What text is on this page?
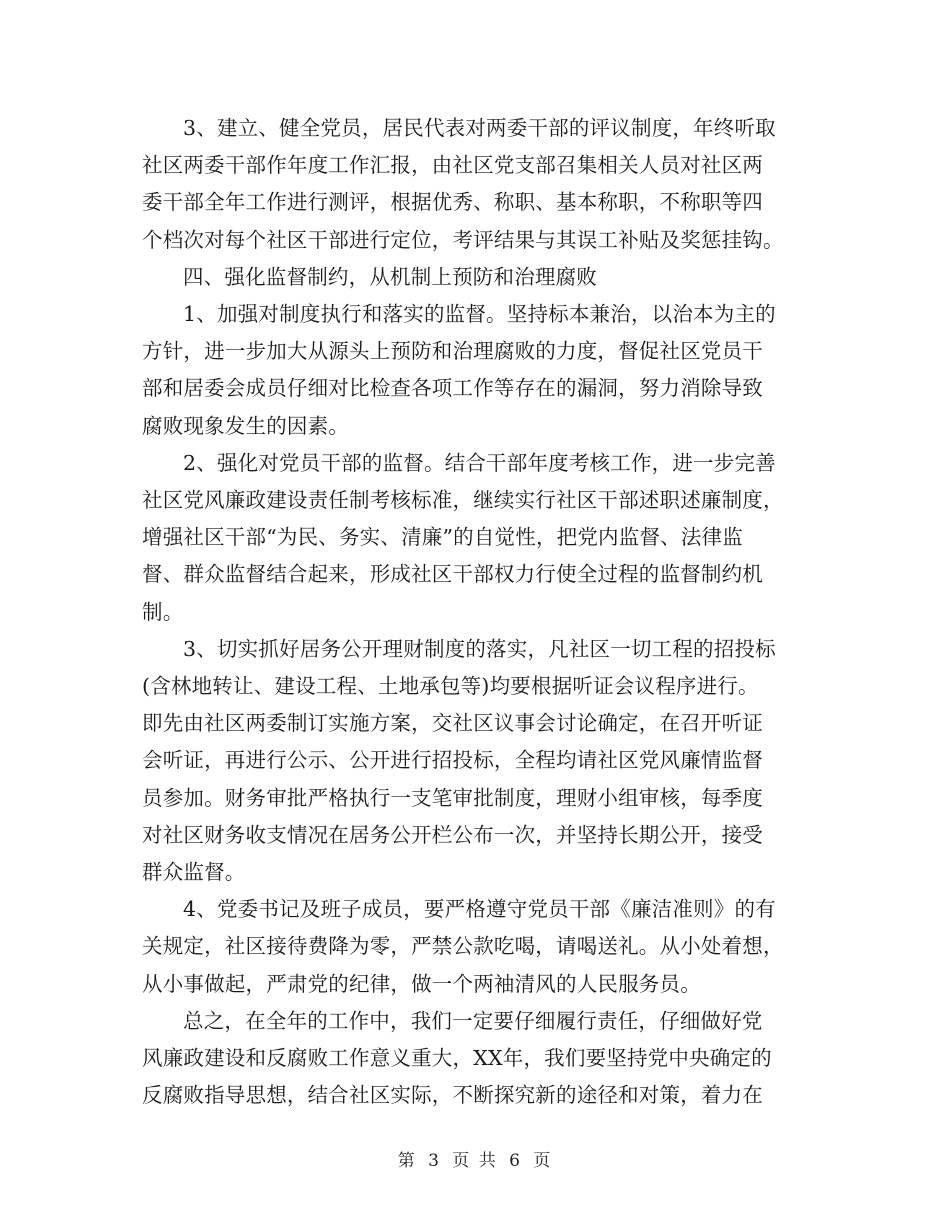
3、建立、健全党员，居民代表对两委干部的评议制度，年终听取
社区两委干部作年度工作汇报，由社区党支部召集相关人员对社区两
委干部全年工作进行测评，根据优秀、称职、基本称职，不称职等四
个档次对每个社区干部进行定位，考评结果与其误工补贴及奖惩挂钩。

四、强化监督制约，从机制上预防和治理腐败

1、加强对制度执行和落实的监督。坚持标本兼治，以治本为主的
方针，进一步加大从源头上预防和治理腐败的力度，督促社区党员干
部和居委会成员仔细对比检查各项工作等存在的漏洞，努力消除导致
腐败现象发生的因素。

2、强化对党员干部的监督。结合干部年度考核工作，进一步完善
社区党风廉政建设责任制考核标准，继续实行社区干部述职述廉制度，
增强社区干部“为民、务实、清廉”的自觉性，把党内监督、法律监
督、群众监督结合起来，形成社区干部权力行使全过程的监督制约机
制。

3、切实抓好居务公开理财制度的落实，凡社区一切工程的招投标
(含林地转让、建设工程、土地承包等)均要根据听证会议程序进行。
即先由社区两委制订实施方案，交社区议事会讨论确定，在召开听证
会听证，再进行公示、公开进行招投标，全程均请社区党风廉情监督
员参加。财务审批严格执行一支笔审批制度，理财小组审核，每季度
对社区财务收支情况在居务公开栏公布一次，并坚持长期公开，接受
群众监督。

4、党委书记及班子成员，要严格遵守党员干部《廉洁准则》的有
关规定，社区接待费降为零，严禁公款吃喝，请喝送礼。从小处着想，
从小事做起，严肃党的纪律，做一个两袖清风的人民服务员。

总之，在全年的工作中，我们一定要仔细履行责任，仔细做好党
风廉政建设和反腐败工作意义重大，XX年，我们要坚持党中央确定的
反腐败指导思想，结合社区实际，不断探究新的途径和对策，着力在

第 3 页 共 6 页
